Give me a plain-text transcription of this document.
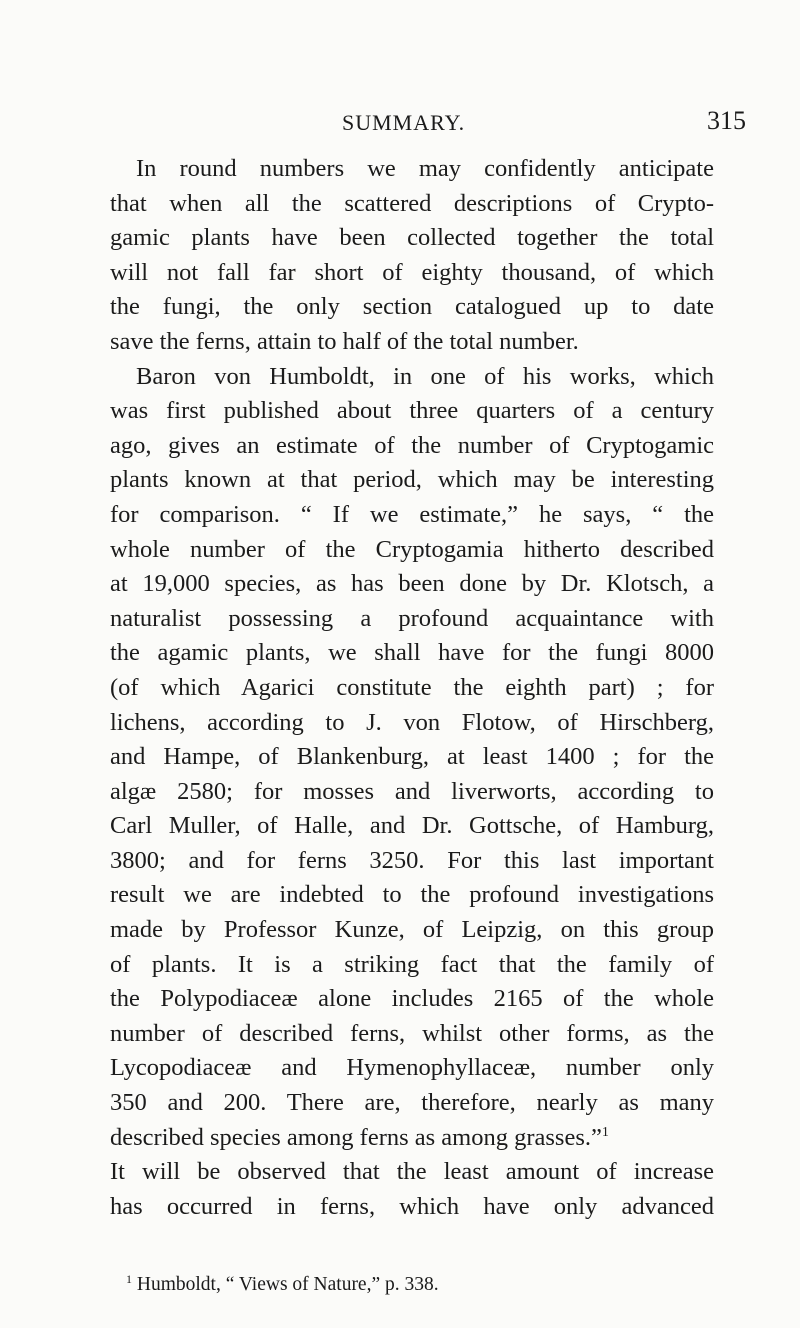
SUMMARY.	315
In round numbers we may confidently anticipate
that when all the scattered descriptions of Crypto-
gamic plants have been collected together the total
will not fall far short of eighty thousand, of which
the fungi, the only section catalogued up to date
save the ferns, attain to half of the total number.
Baron von Humboldt, in one of his works, which
was first published about three quarters of a century
ago, gives an estimate of the number of Cryptogamic
plants known at that period, which may be interesting
for comparison. “ If we estimate,” he says, “ the
whole number of the Cryptogamia hitherto described
at 19,000 species, as has been done by Dr. Klotsch, a
naturalist possessing a profound acquaintance with
the agamic plants, we shall have for the fungi 8000
(of which Agarici constitute the eighth part) ; for
lichens, according to J. von Flotow, of Hirschberg,
and Hampe, of Blankenburg, at least 1400 ; for the
algæ 2580; for mosses and liverworts, according to
Carl Muller, of Halle, and Dr. Gottsche, of Hamburg,
3800; and for ferns 3250. For this last important
result we are indebted to the profound investigations
made by Professor Kunze, of Leipzig, on this group
of plants. It is a striking fact that the family of
the Polypodiaceæ alone includes 2165 of the whole
number of described ferns, whilst other forms, as the
Lycopodiaceæ and Hymenophyllaceæ, number only
350 and 200. There are, therefore, nearly as many
described species among ferns as among grasses.”$^1$
It will be observed that the least amount of increase
has occurred in ferns, which have only advanced
$^1$ Humboldt, “ Views of Nature,” p. 338.
